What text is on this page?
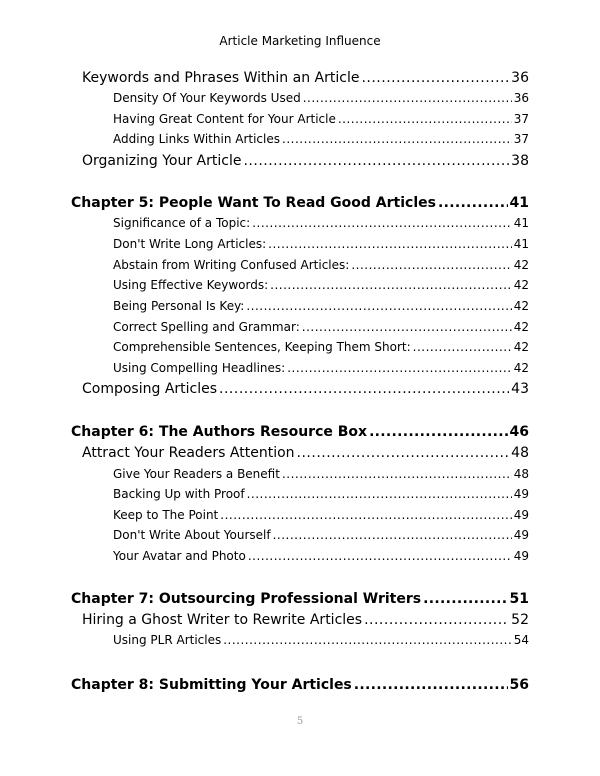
Article Marketing Influence
Keywords and Phrases Within an Article .....	36
Density Of Your Keywords Used .....	36
Having Great Content for Your Article .....	37
Adding Links Within Articles .....	37
Organizing Your Article .....	38
Chapter 5: People Want To Read Good Articles .....	41
Significance of a Topic: .....	41
Don't Write Long Articles: .....	41
Abstain from Writing Confused Articles: .....	42
Using Effective Keywords: .....	42
Being Personal Is Key: .....	42
Correct Spelling and Grammar: .....	42
Comprehensible Sentences, Keeping Them Short: .....	42
Using Compelling Headlines: .....	42
Composing Articles .....	43
Chapter 6: The Authors Resource Box .....	46
Attract Your Readers Attention .....	48
Give Your Readers a Benefit .....	48
Backing Up with Proof .....	49
Keep to The Point .....	49
Don't Write About Yourself .....	49
Your Avatar and Photo .....	49
Chapter 7: Outsourcing Professional Writers .....	51
Hiring a Ghost Writer to Rewrite Articles .....	52
Using PLR Articles .....	54
Chapter 8: Submitting Your Articles .....	56
5
